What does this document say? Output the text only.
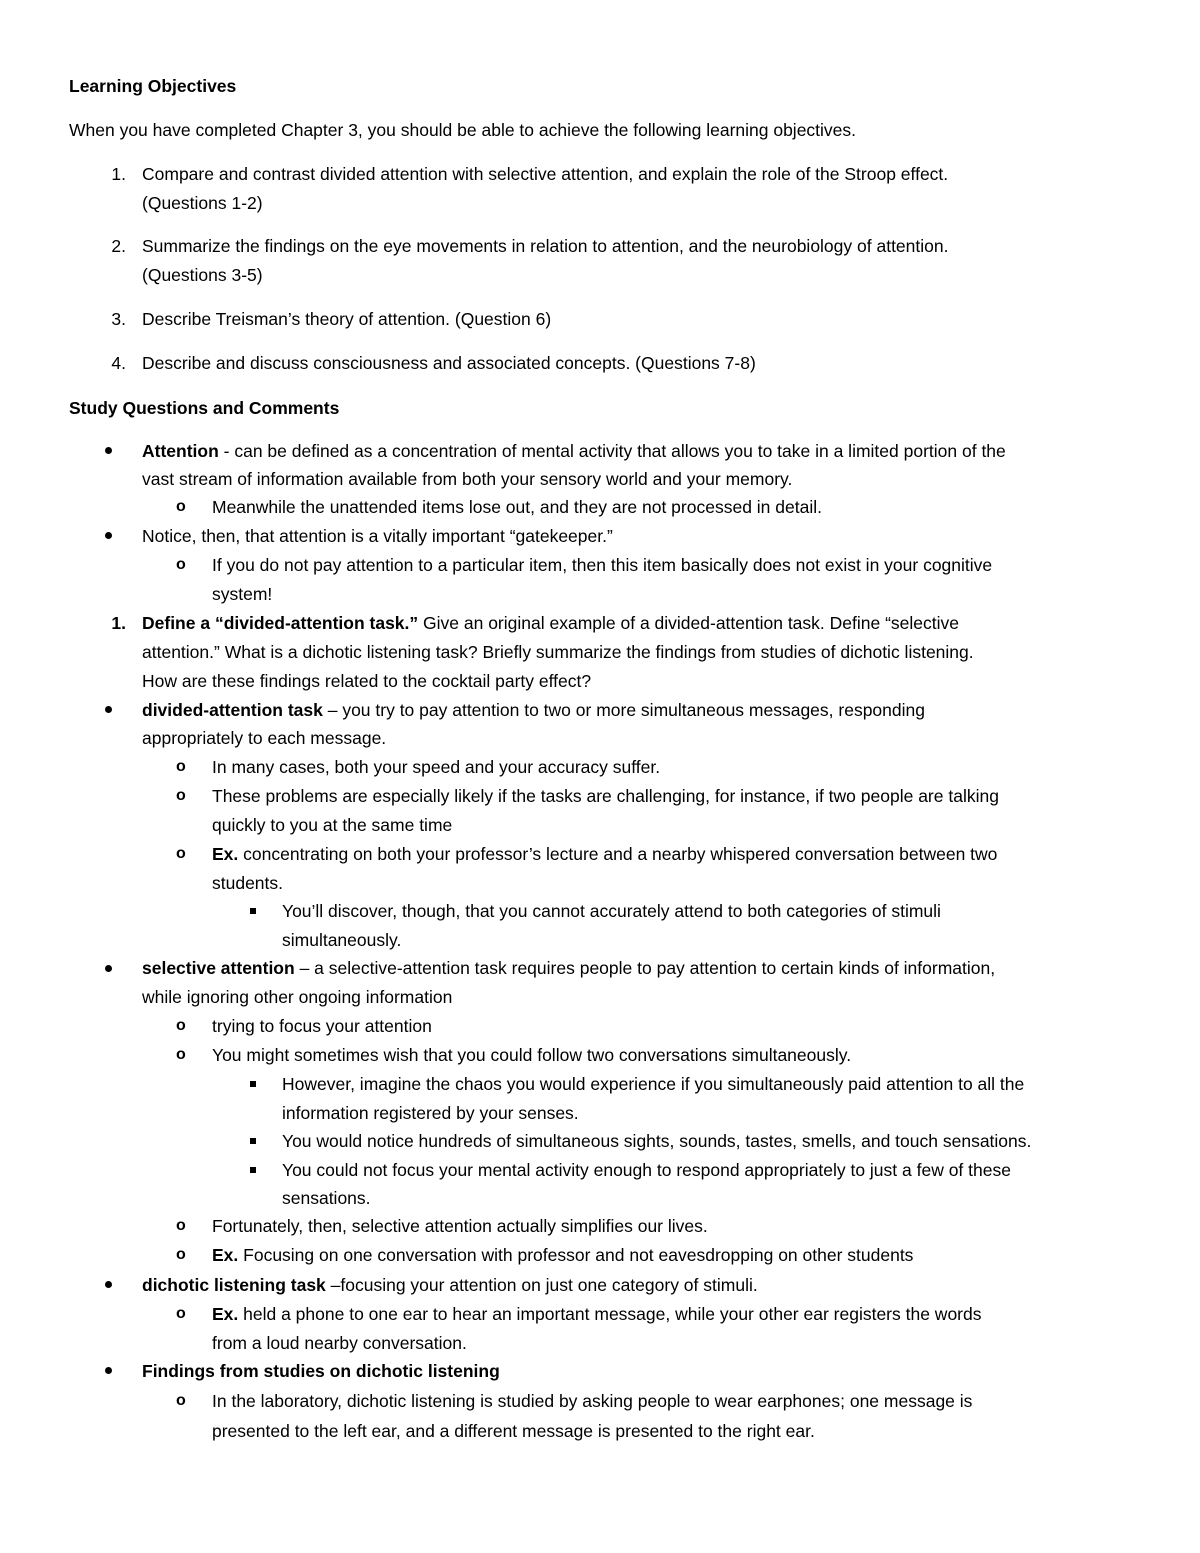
Learning Objectives
When you have completed Chapter 3, you should be able to achieve the following learning objectives.
1. Compare and contrast divided attention with selective attention, and explain the role of the Stroop effect.
(Questions 1-2)
2. Summarize the findings on the eye movements in relation to attention, and the neurobiology of attention.
(Questions 3-5)
3. Describe Treisman’s theory of attention. (Question 6)
4. Describe and discuss consciousness and associated concepts. (Questions 7-8)
Study Questions and Comments
Attention - can be defined as a concentration of mental activity that allows you to take in a limited portion of the
vast stream of information available from both your sensory world and your memory.
o Meanwhile the unattended items lose out, and they are not processed in detail.
Notice, then, that attention is a vitally important “gatekeeper.”
o If you do not pay attention to a particular item, then this item basically does not exist in your cognitive
system!
1. Define a “divided-attention task.” Give an original example of a divided-attention task. Define “selective
attention.” What is a dichotic listening task? Briefly summarize the findings from studies of dichotic listening.
How are these findings related to the cocktail party effect?
divided-attention task – you try to pay attention to two or more simultaneous messages, responding
appropriately to each message.
o In many cases, both your speed and your accuracy suffer.
o These problems are especially likely if the tasks are challenging, for instance, if two people are talking
quickly to you at the same time
o Ex. concentrating on both your professor’s lecture and a nearby whispered conversation between two
students.
You’ll discover, though, that you cannot accurately attend to both categories of stimuli
simultaneously.
selective attention – a selective-attention task requires people to pay attention to certain kinds of information,
while ignoring other ongoing information
o trying to focus your attention
o You might sometimes wish that you could follow two conversations simultaneously.
However, imagine the chaos you would experience if you simultaneously paid attention to all the
information registered by your senses.
You would notice hundreds of simultaneous sights, sounds, tastes, smells, and touch sensations.
You could not focus your mental activity enough to respond appropriately to just a few of these
sensations.
o Fortunately, then, selective attention actually simplifies our lives.
o Ex. Focusing on one conversation with professor and not eavesdropping on other students
dichotic listening task –focusing your attention on just one category of stimuli.
o Ex. held a phone to one ear to hear an important message, while your other ear registers the words
from a loud nearby conversation.
Findings from studies on dichotic listening
o In the laboratory, dichotic listening is studied by asking people to wear earphones; one message is
presented to the left ear, and a different message is presented to the right ear.
